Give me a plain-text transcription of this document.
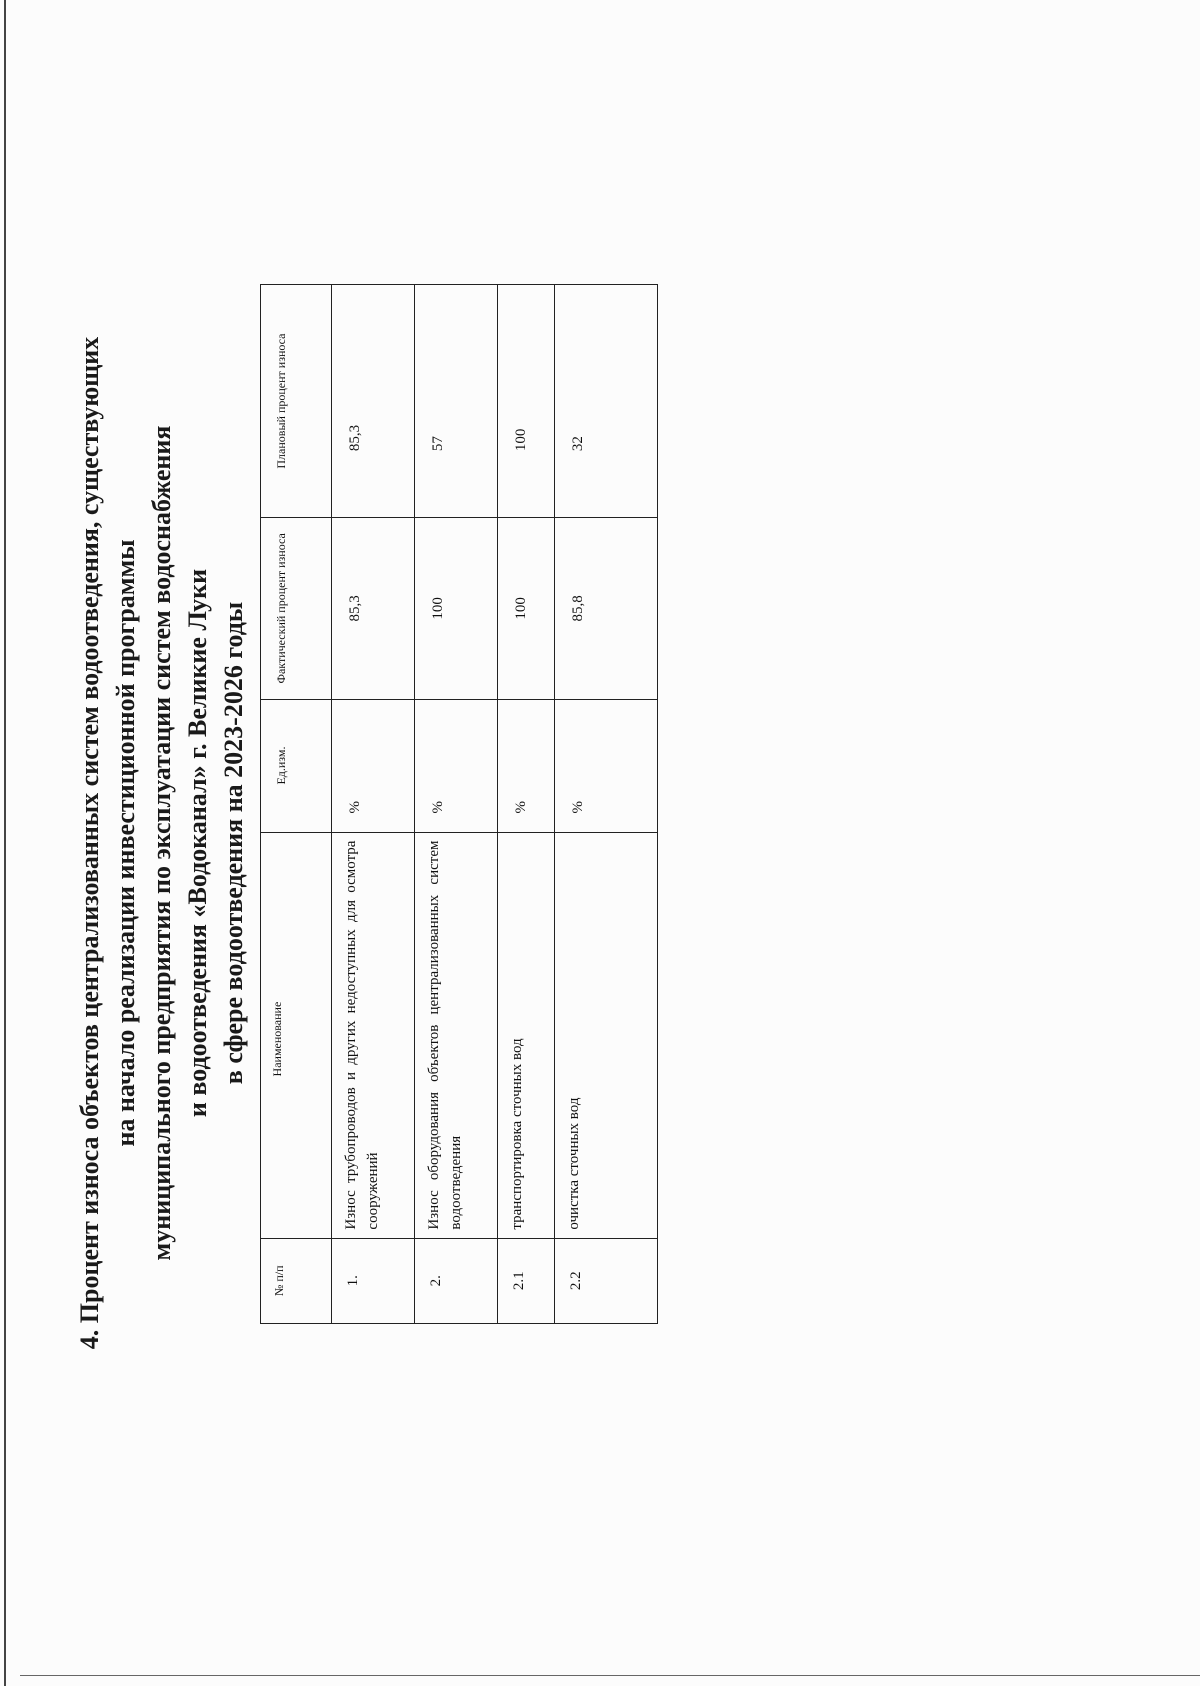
4. Процент износа объектов централизованных систем водоотведения, существующих на начало реализации инвестиционной программы муниципального предприятия по эксплуатации систем водоснабжения и водоотведения «Водоканал» г. Великие Луки в сфере водоотведения на 2023-2026 годы
№ п/п	Наименование	Ед.изм.	Фактический процент износа	Плановый процент износа
1.	Износ трубопроводов и других недоступных для осмотра сооружений	%	85,3	85,3
2.	Износ оборудования объектов централизованных систем водоотведения	%	100	57
2.1	транспортировка сточных вод	%	100	100
2.2	очистка сточных вод	%	85,8	32
